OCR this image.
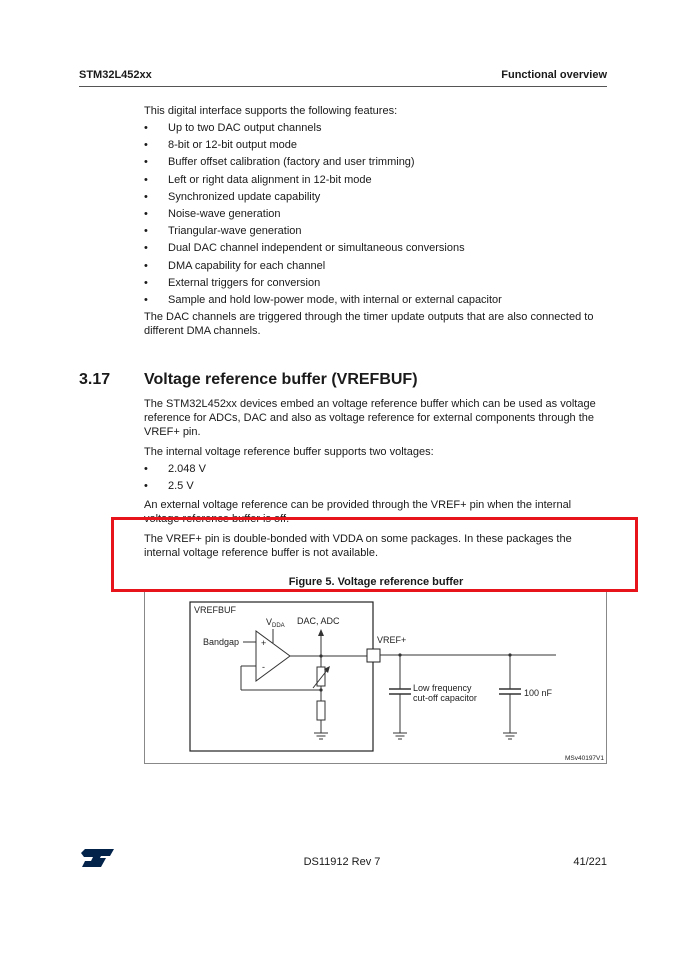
STM32L452xx	Functional overview

This digital interface supports the following features:

• Up to two DAC output channels
• 8-bit or 12-bit output mode
• Buffer offset calibration (factory and user trimming)
• Left or right data alignment in 12-bit mode
• Synchronized update capability
• Noise-wave generation
• Triangular-wave generation
• Dual DAC channel independent or simultaneous conversions
• DMA capability for each channel
• External triggers for conversion
• Sample and hold low-power mode, with internal or external capacitor

The DAC channels are triggered through the timer update outputs that are also connected to different DMA channels.

3.17 Voltage reference buffer (VREFBUF)

The STM32L452xx devices embed an voltage reference buffer which can be used as voltage reference for ADCs, DAC and also as voltage reference for external components through the VREF+ pin.

The internal voltage reference buffer supports two voltages:

• 2.048 V
• 2.5 V

An external voltage reference can be provided through the VREF+ pin when the internal voltage reference buffer is off.

The VREF+ pin is double-bonded with VDDA on some packages. In these packages the internal voltage reference buffer is not available.

Figure 5. Voltage reference buffer
VREFBUF
+
-
Bandgap
$V_{DDA}$ DAC, ADC
VREF+
Low frequency
cut-off capacitor	100 nF
MSv40197V1
DS11912 Rev 7	41/221
